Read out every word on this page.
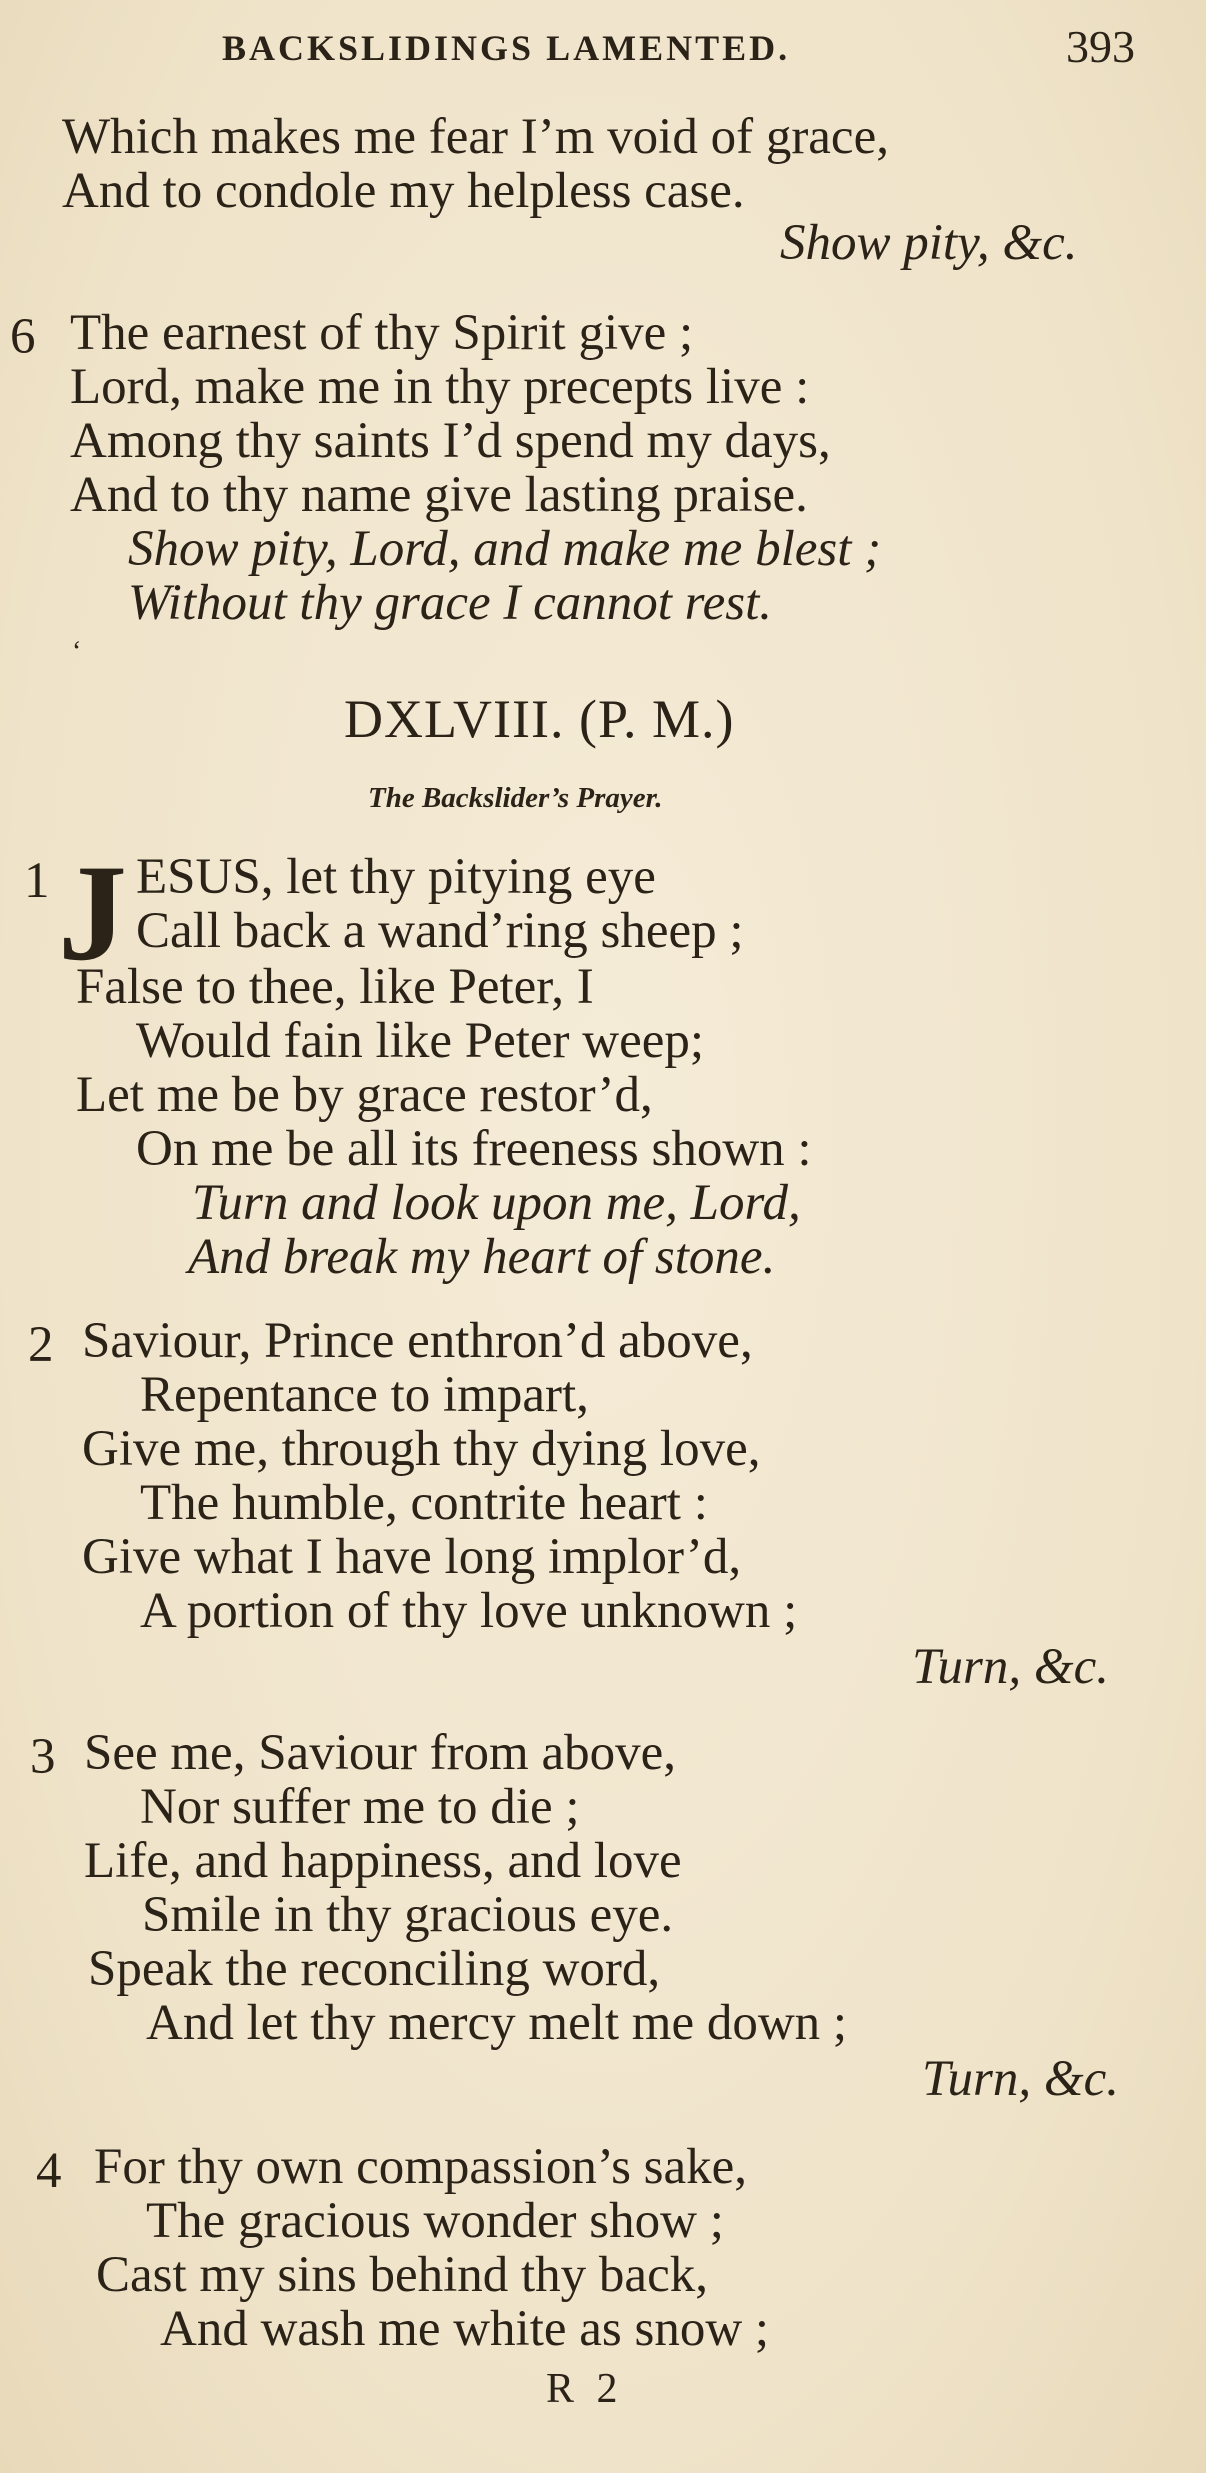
BACKSLIDINGS LAMENTED.	393
Which makes me fear I’m void of grace,
And to condole my helpless case.
Show pity, &c.
6 The earnest of thy Spirit give ;
Lord, make me in thy precepts live :
Among thy saints I’d spend my days,
And to thy name give lasting praise.
Show pity, Lord, and make me blest ;
Without thy grace I cannot rest.
DXLVIII. (P. M.)
The Backslider’s Prayer.
1 J ESUS, let thy pitying eye
Call back a wand’ring sheep ;
False to thee, like Peter, I
Would fain like Peter weep;
Let me be by grace restor’d,
On me be all its freeness shown :
Turn and look upon me, Lord,
And break my heart of stone.
2 Saviour, Prince enthron’d above,
Repentance to impart,
Give me, through thy dying love,
The humble, contrite heart :
Give what I have long implor’d,
A portion of thy love unknown ;
Turn, &c.
3 See me, Saviour from above,
Nor suffer me to die ;
Life, and happiness, and love
Smile in thy gracious eye.
Speak the reconciling word,
And let thy mercy melt me down ;
Turn, &c.
4 For thy own compassion’s sake,
The gracious wonder show ;
Cast my sins behind thy back,
And wash me white as snow ;
R 2
‘
